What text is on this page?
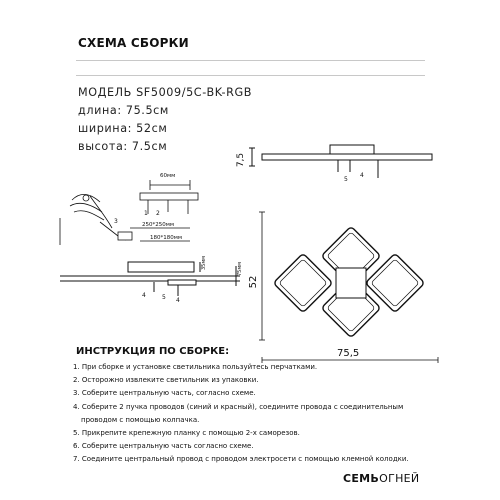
СХЕМА СБОРКИ
МОДЕЛЬ SF5009/5C-BK-RGB
длина: 75.5см
ширина: 52см
высота: 7.5см
7,5
4
5
60мм
1 2
3	250*250мм
180*180мм
35мм	75мм
4	5 4
52
75,5
ИНСТРУКЦИЯ ПО СБОРКЕ:
1. При сборке и установке светильника пользуйтесь перчатками.
2. Осторожно извлеките светильник из упаковки.
3. Соберите центральную часть, согласно схеме.
4. Соберите 2 пучка проводов (синий и красный), соедините провода с соединительным
проводом с помощью колпачка.
5. Прикрепите крепежную планку с помощью 2-х саморезов.
6. Соберите центральную часть согласно схеме.
7. Соедините центральный провод с проводом электросети с помощью клемной колодки.
СЕМЬОГНЕЙ
